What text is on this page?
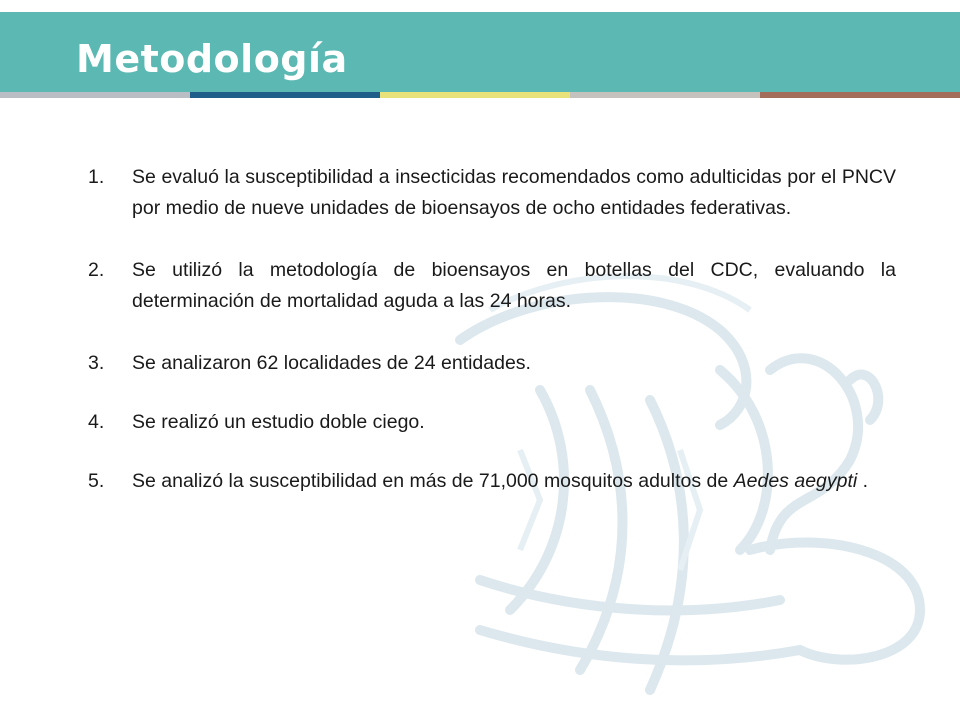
Metodología
1.	Se evaluó la susceptibilidad a insecticidas recomendados como adulticidas por el PNCV por medio de nueve unidades de bioensayos de ocho entidades federativas.
2.	Se utilizó la metodología de bioensayos en botellas del CDC, evaluando la determinación de mortalidad aguda a las 24 horas.
3.	Se analizaron 62 localidades de 24 entidades.
4.	Se realizó un estudio doble ciego.
5.	Se analizó la susceptibilidad en más de 71,000 mosquitos adultos de Aedes aegypti .
